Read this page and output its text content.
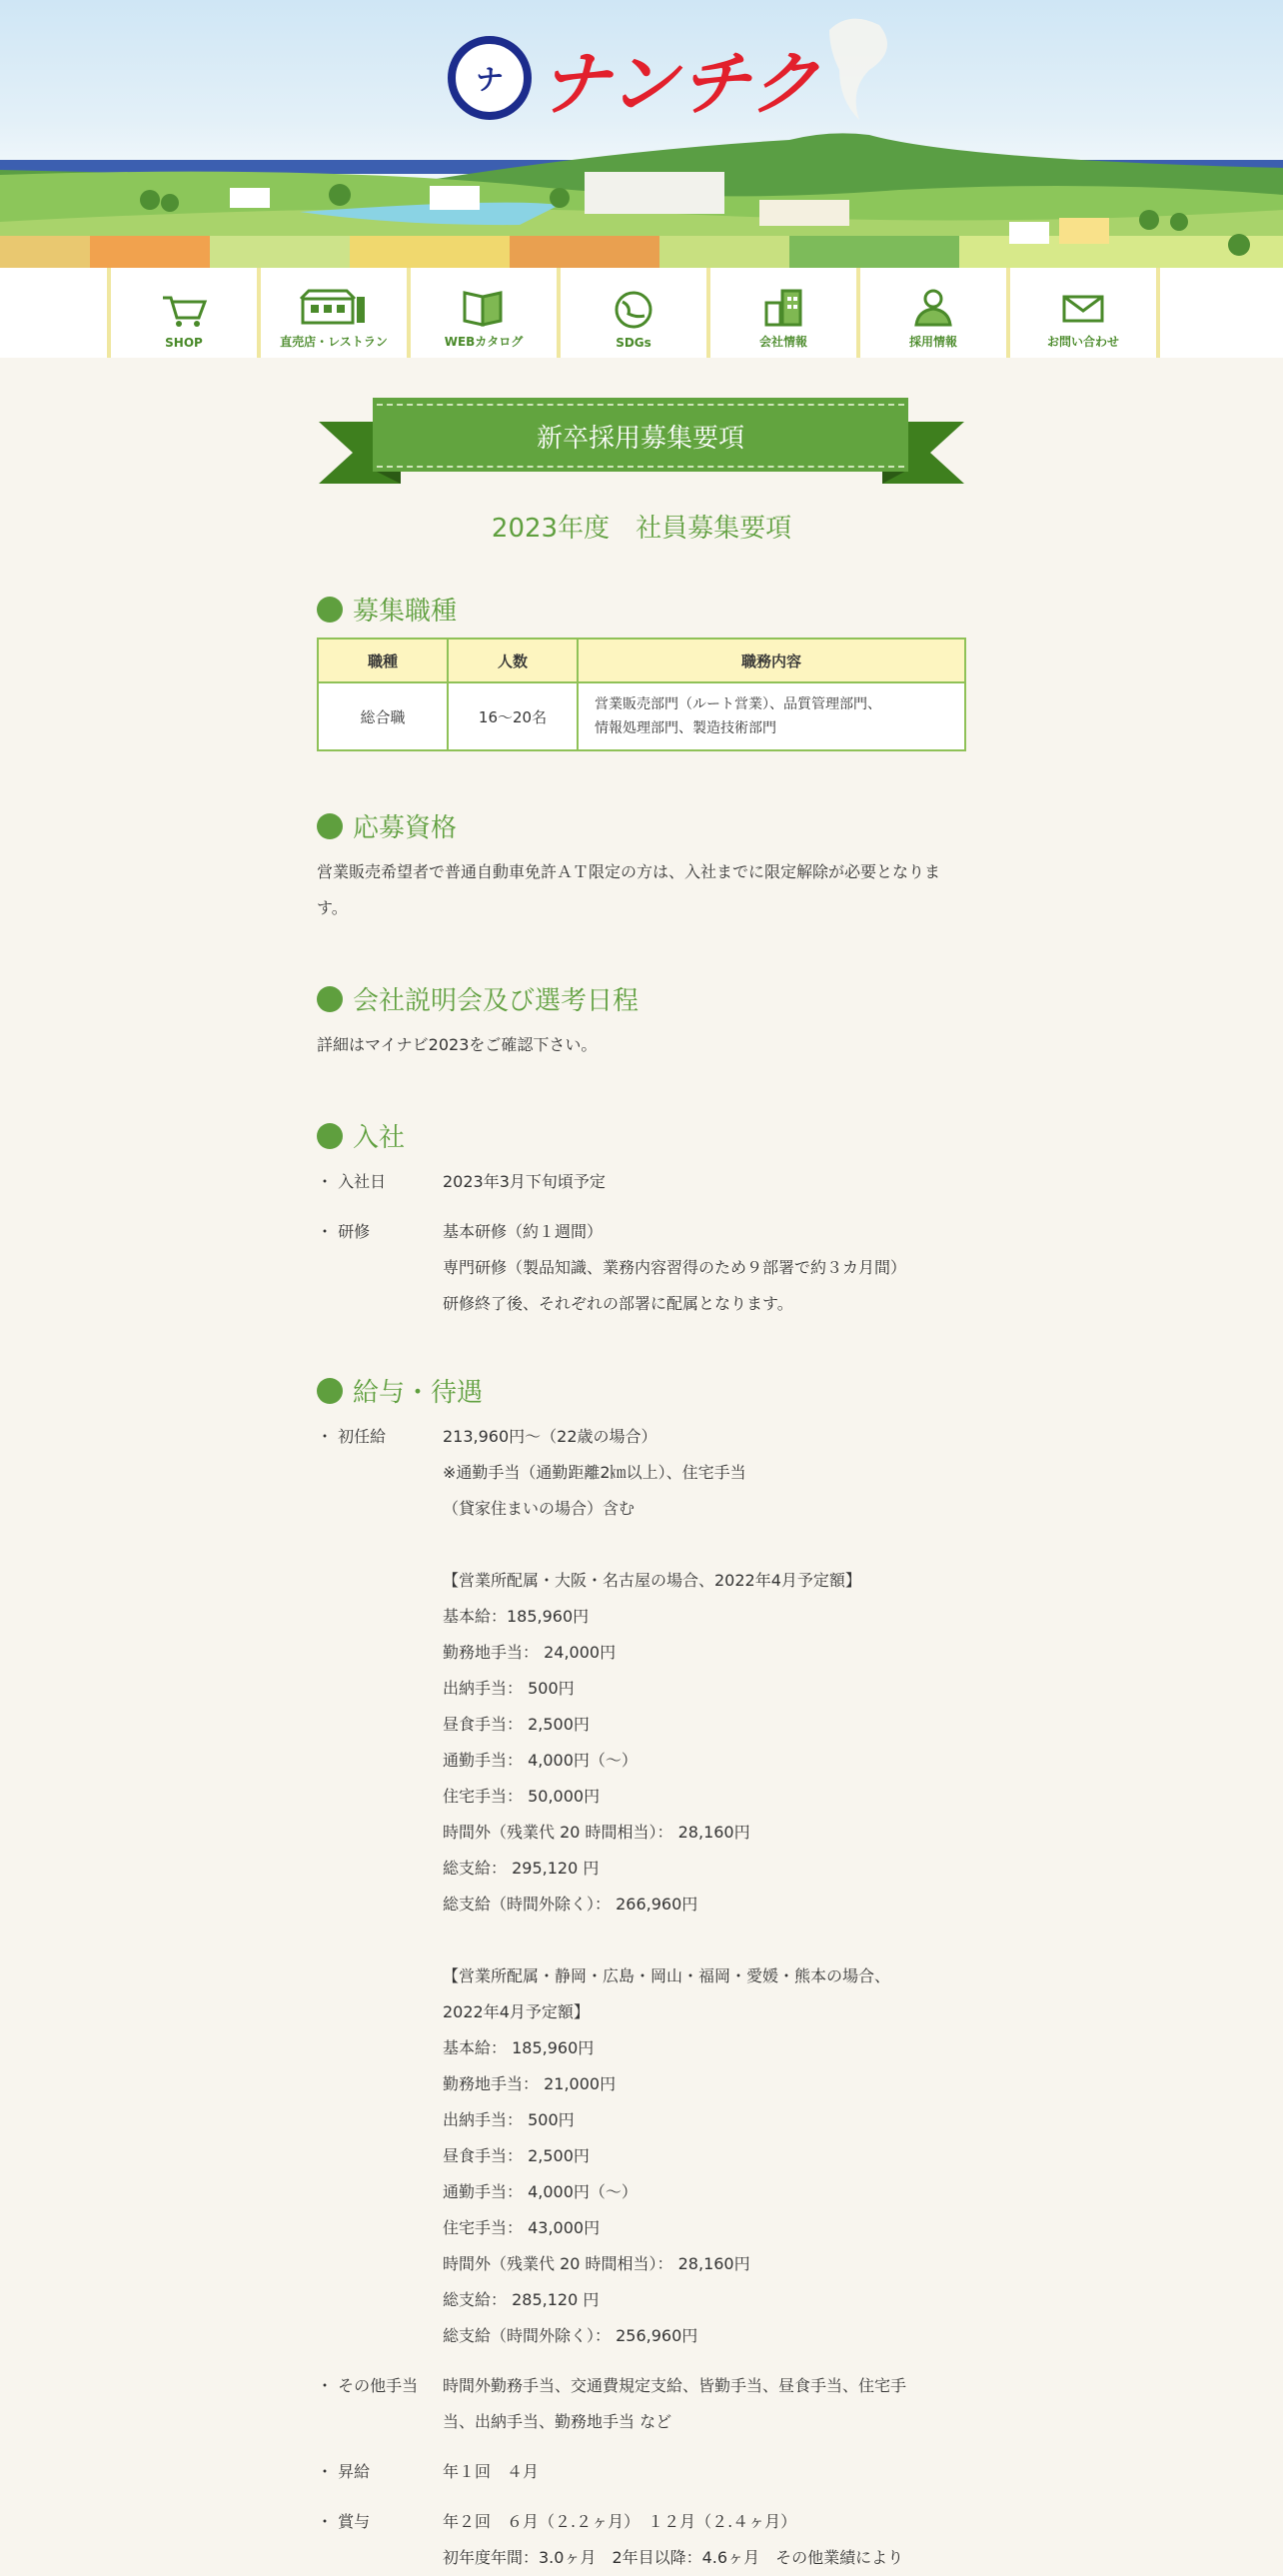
ナ ナンチク
SHOP	直売店・レストラン	WEBカタログ	SDGs	会社情報	採用情報	お問い合わせ
新卒採用募集要項
2023年度　社員募集要項
募集職種
職種	人数	職務内容
総合職	16〜20名	営業販売部門（ルート営業）、品質管理部門、
情報処理部門、製造技術部門
応募資格

営業販売希望者で普通自動車免許ＡＴ限定の方は、入社までに限定解除が必要となります。

会社説明会及び選考日程

詳細はマイナビ2023をご確認下さい。

入社
・ 入社日	2023年3月下旬頃予定
・ 研修	基本研修（約１週間）
専門研修（製品知識、業務内容習得のため９部署で約３カ月間）
研修終了後、それぞれの部署に配属となります。
給与・待遇
・ 初任給	213,960円～（22歳の場合）
※通勤手当（通勤距離2㎞以上）、住宅手当
（貸家住まいの場合）含む
【営業所配属・大阪・名古屋の場合、2022年4月予定額】
基本給：185,960円
勤務地手当： 24,000円
出納手当： 500円
昼食手当： 2,500円
通勤手当： 4,000円（～）
住宅手当： 50,000円
時間外（残業代 20 時間相当）： 28,160円
総支給： 295,120 円
総支給（時間外除く）： 266,960円
【営業所配属・静岡・広島・岡山・福岡・愛媛・熊本の場合、
2022年4月予定額】
基本給： 185,960円
勤務地手当： 21,000円
出納手当： 500円
昼食手当： 2,500円
通勤手当： 4,000円（～）
住宅手当： 43,000円
時間外（残業代 20 時間相当）： 28,160円
総支給： 285,120 円
総支給（時間外除く）： 256,960円
・ その他手当	時間外勤務手当、交通費規定支給、皆勤手当、昼食手当、住宅手
当、出納手当、勤務地手当 など
・ 昇給	年１回　４月
・ 賞与	年２回　６月（２.２ヶ月）　１２月（２.４ヶ月）
初年度年間：3.0ヶ月　2年目以降：4.6ヶ月　その他業績により
